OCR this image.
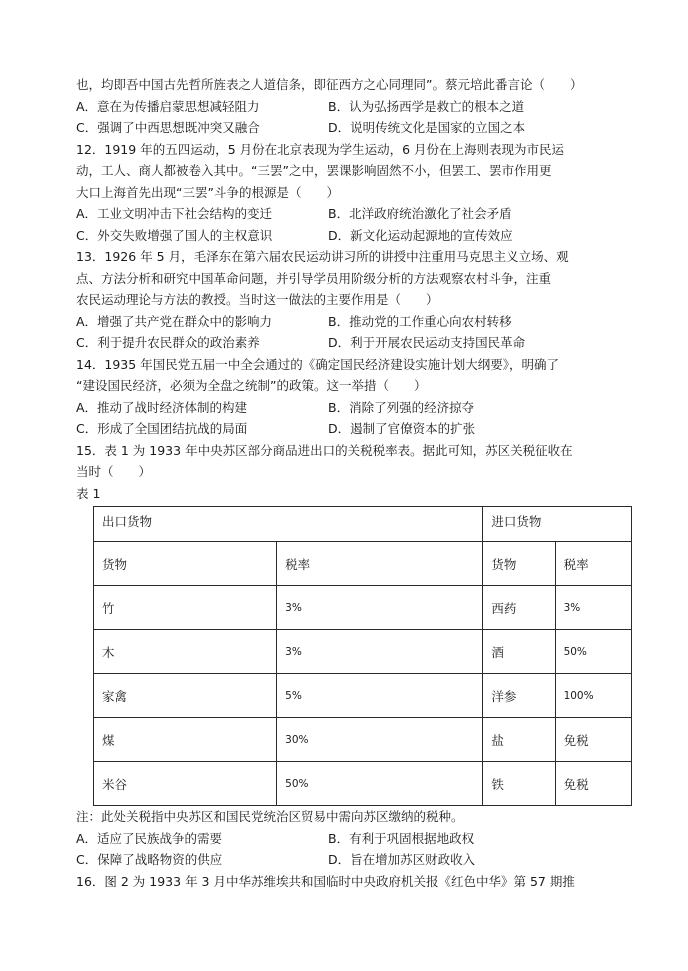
也，均即吾中国古先哲所旌表之人道信条，即征西方之心同理同”。蔡元培此番言论（　　）
A．意在为传播启蒙思想减轻阻力	B．认为弘扬西学是救亡的根本之道
C．强调了中西思想既冲突又融合	D．说明传统文化是国家的立国之本
12．1919 年的五四运动，5 月份在北京表现为学生运动，6 月份在上海则表现为市民运
动，工人、商人都被卷入其中。“三罢”之中，罢课影响固然不小，但罢工、罢市作用更
大口上海首先出现“三罢”斗争的根源是（　　）
A．工业文明冲击下社会结构的变迁	B．北洋政府统治激化了社会矛盾
C．外交失败增强了国人的主权意识	D．新文化运动起源地的宣传效应
13．1926 年 5 月，毛泽东在第六届农民运动讲习所的讲授中注重用马克思主义立场、观
点、方法分析和研究中国革命问题，并引导学员用阶级分析的方法观察农村斗争，注重
农民运动理论与方法的教授。当时这一做法的主要作用是（　　）
A．增强了共产党在群众中的影响力	B．推动党的工作重心向农村转移
C．利于提升农民群众的政治素养	D．利于开展农民运动支持国民革命
14．1935 年国民党五届一中全会通过的《确定国民经济建设实施计划大纲要》，明确了
“建设国民经济，必须为全盘之统制”的政策。这一举措（　　）
A．推动了战时经济体制的构建	B．消除了列强的经济掠夺
C．形成了全国团结抗战的局面	D．遏制了官僚资本的扩张
15．表 1 为 1933 年中央苏区部分商品进出口的关税税率表。据此可知，苏区关税征收在
当时（　　）
表 1
出口货物		进口货物	
货物	税率	货物	税率
竹	3%	西药	3%
木	3%	酒	50%
家禽	5%	洋参	100%
煤	30%	盐	免税
米谷	50%	铁	免税
注：此处关税指中央苏区和国民党统治区贸易中需向苏区缴纳的税种。
A．适应了民族战争的需要	B．有利于巩固根据地政权
C．保障了战略物资的供应	D．旨在增加苏区财政收入
16．图 2 为 1933 年 3 月中华苏维埃共和国临时中央政府机关报《红色中华》第 57 期推
